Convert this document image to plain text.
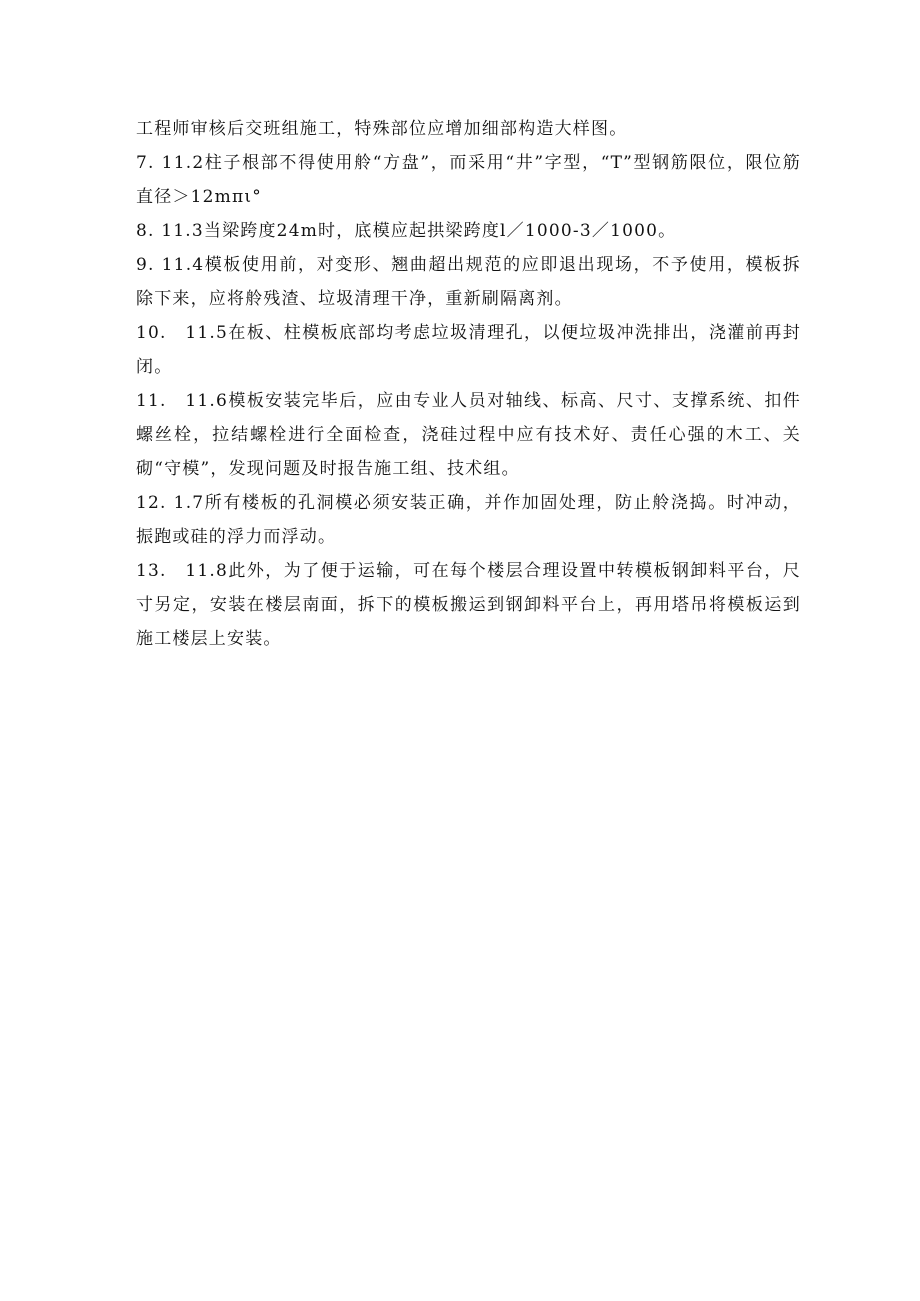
工程师审核后交班组施工，特殊部位应增加细部构造大样图。

7. 11.2柱子根部不得使用舲“方盘”，而采用“井”字型，“T”型钢筋限位，限位筋直径＞12mπι°

8. 11.3当梁跨度24m时，底模应起拱梁跨度l／1000-3／1000。

9. 11.4模板使用前，对变形、翘曲超出规范的应即退出现场，不予使用，模板拆除下来，应将舲残渣、垃圾清理干净，重新刷隔离剂。

10.　11.5在板、柱模板底部均考虑垃圾清理孔，以便垃圾冲洗排出，浇灌前再封闭。

11.　11.6模板安装完毕后，应由专业人员对轴线、标高、尺寸、支撑系统、扣件螺丝栓，拉结螺栓进行全面检查，浇硅过程中应有技术好、责任心强的木工、关砌“守模”，发现问题及时报告施工组、技术组。

12. 1.7所有楼板的孔洞模必须安装正确，并作加固处理，防止舲浇捣。时冲动，振跑或硅的浮力而浮动。

13.　11.8此外，为了便于运输，可在每个楼层合理设置中转模板钢卸料平台，尺寸另定，安装在楼层南面，拆下的模板搬运到钢卸料平台上，再用塔吊将模板运到施工楼层上安装。
